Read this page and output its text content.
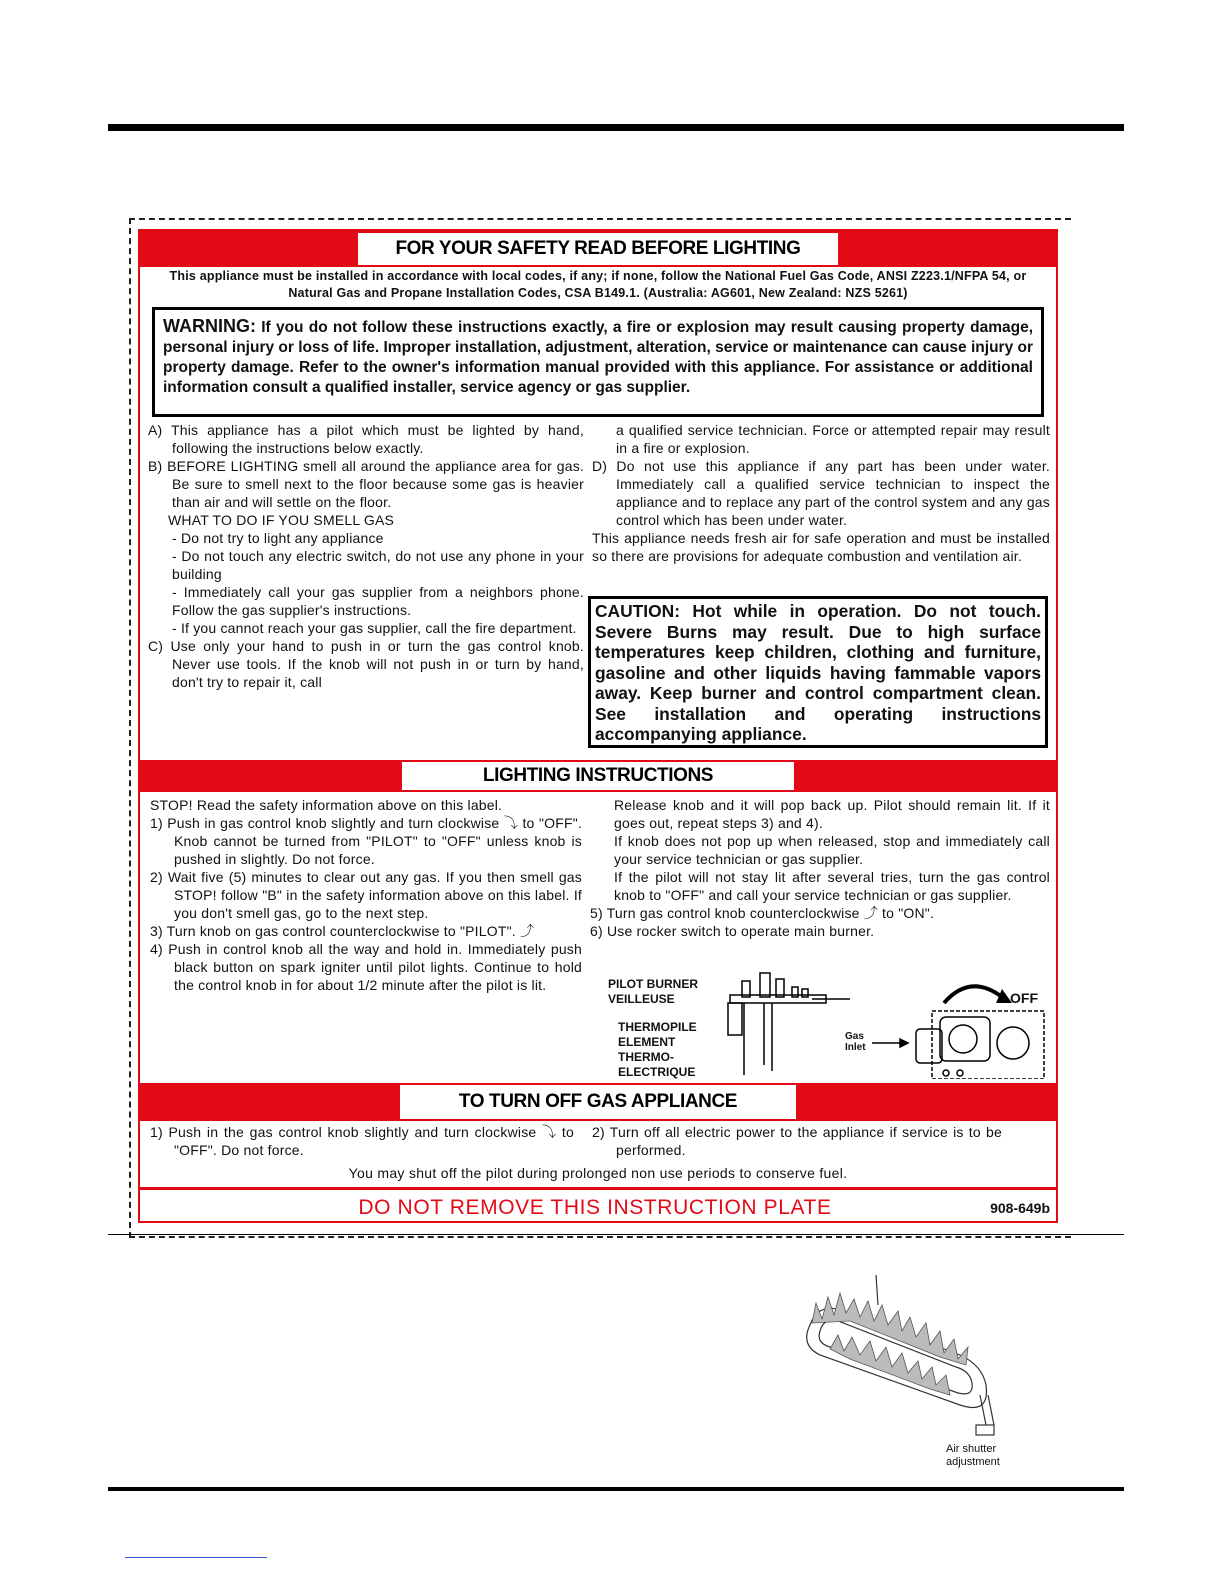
FOR YOUR SAFETY READ BEFORE LIGHTING
This appliance must be installed in accordance with local codes, if any; if none, follow the National Fuel Gas Code, ANSI Z223.1/NFPA 54, or Natural Gas and Propane Installation Codes, CSA B149.1. (Australia: AG601, New Zealand: NZS 5261)
WARNING: If you do not follow these instructions exactly, a fire or explosion may result causing property damage, personal injury or loss of life. Improper installation, adjustment, alteration, service or maintenance can cause injury or property damage. Refer to the owner's information manual provided with this appliance. For assistance or additional information consult a qualified installer, service agency or gas supplier.

A) This appliance has a pilot which must be lighted by hand, following the instructions below exactly.

B) BEFORE LIGHTING smell all around the appliance area for gas. Be sure to smell next to the floor because some gas is heavier than air and will settle on the floor.

WHAT TO DO IF YOU SMELL GAS

- Do not try to light any appliance

- Do not touch any electric switch, do not use any phone in your building

- Immediately call your gas supplier from a neighbors phone. Follow the gas supplier's instructions.

- If you cannot reach your gas supplier, call the fire department.

C) Use only your hand to push in or turn the gas control knob. Never use tools. If the knob will not push in or turn by hand, don't try to repair it, call

a qualified service technician. Force or attempted repair may result in a fire or explosion.

D) Do not use this appliance if any part has been under water. Immediately call a qualified service technician to inspect the appliance and to replace any part of the control system and any gas control which has been under water.

This appliance needs fresh air for safe operation and must be installed so there are provisions for adequate combustion and ventilation air.

CAUTION: Hot while in operation. Do not touch. Severe Burns may result. Due to high surface temperatures keep children, clothing and furniture, gasoline and other liquids having fammable vapors away. Keep burner and control compartment clean. See installation and operating instructions accompanying appliance.
LIGHTING INSTRUCTIONS

STOP! Read the safety information above on this label.

1) Push in gas control knob slightly and turn clockwise ⤵ to "OFF". Knob cannot be turned from "PILOT" to "OFF" unless knob is pushed in slightly. Do not force.

2) Wait five (5) minutes to clear out any gas. If you then smell gas STOP! follow "B" in the safety information above on this label. If you don't smell gas, go to the next step.

3) Turn knob on gas control counterclockwise to "PILOT". ⤴

4) Push in control knob all the way and hold in. Immediately push black button on spark igniter until pilot lights. Continue to hold the control knob in for about 1/2 minute after the pilot is lit.

Release knob and it will pop back up. Pilot should remain lit. If it goes out, repeat steps 3) and 4).

If knob does not pop up when released, stop and immediately call your service technician or gas supplier.

If the pilot will not stay lit after several tries, turn the gas control knob to "OFF" and call your service technician or gas supplier.

5) Turn gas control knob counterclockwise ⤴ to "ON".

6) Use rocker switch to operate main burner.

PILOT BURNER
VEILLEUSE
THERMOPILE
ELEMENT
THERMO-
ELECTRIQUE
Gas
Inlet
OFF
TO TURN OFF GAS APPLIANCE

1) Push in the gas control knob slightly and turn clockwise ⤵ to "OFF". Do not force.

2) Turn off all electric power to the appliance if service is to be performed.

You may shut off the pilot during prolonged non use periods to conserve fuel.
DO NOT REMOVE THIS INSTRUCTION PLATE	908-649b
Air shutter
adjustment
